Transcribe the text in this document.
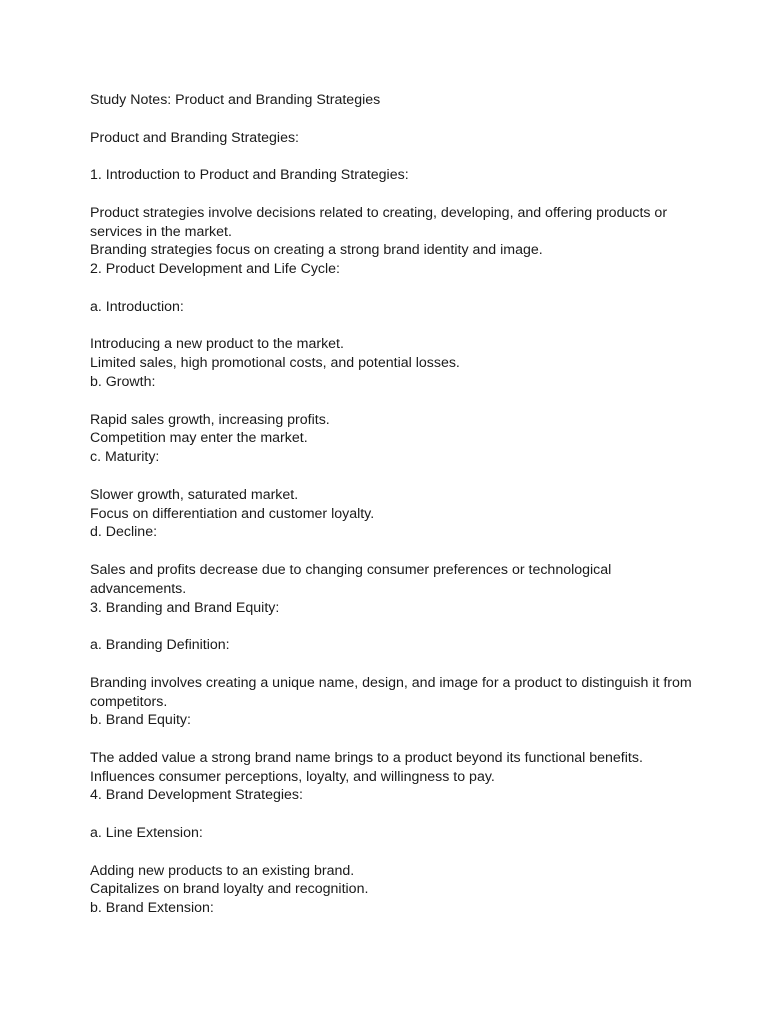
Study Notes: Product and Branding Strategies

Product and Branding Strategies:

1. Introduction to Product and Branding Strategies:

Product strategies involve decisions related to creating, developing, and offering products or

services in the market.

Branding strategies focus on creating a strong brand identity and image.

2. Product Development and Life Cycle:

a. Introduction:

Introducing a new product to the market.

Limited sales, high promotional costs, and potential losses.

b. Growth:

Rapid sales growth, increasing profits.

Competition may enter the market.

c. Maturity:

Slower growth, saturated market.

Focus on differentiation and customer loyalty.

d. Decline:

Sales and profits decrease due to changing consumer preferences or technological

advancements.

3. Branding and Brand Equity:

a. Branding Definition:

Branding involves creating a unique name, design, and image for a product to distinguish it from

competitors.

b. Brand Equity:

The added value a strong brand name brings to a product beyond its functional benefits.

Influences consumer perceptions, loyalty, and willingness to pay.

4. Brand Development Strategies:

a. Line Extension:

Adding new products to an existing brand.

Capitalizes on brand loyalty and recognition.

b. Brand Extension:
